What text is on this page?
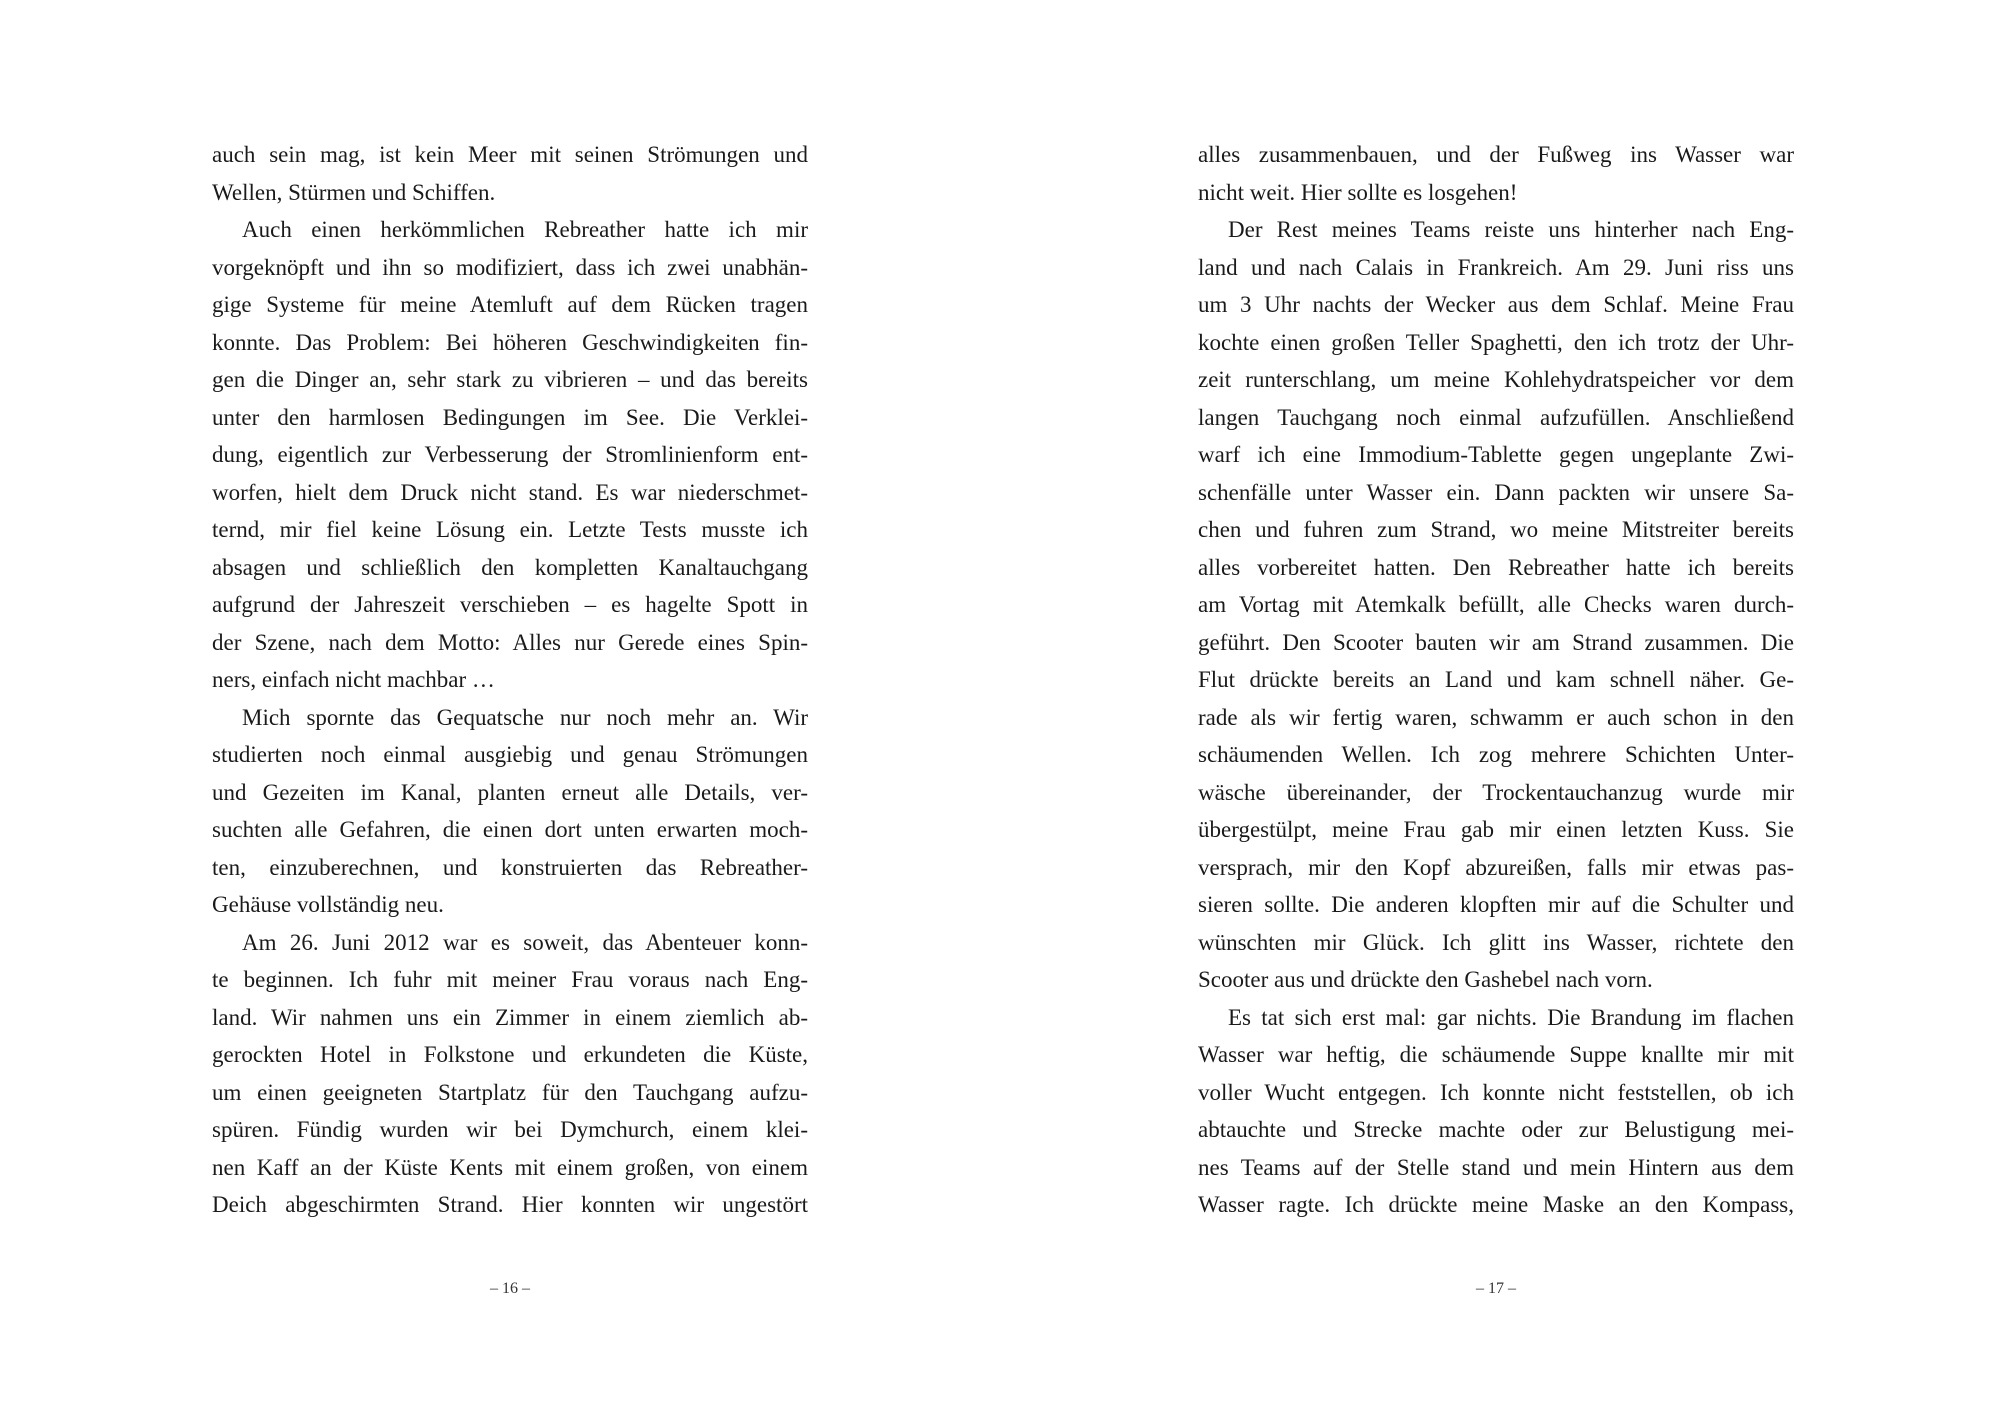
auch sein mag, ist kein Meer mit seinen Strömungen und
Wellen, Stürmen und Schiffen.
Auch einen herkömmlichen Rebreather hatte ich mir
vorgeknöpft und ihn so modifiziert, dass ich zwei unabhän-
gige Systeme für meine Atemluft auf dem Rücken tragen
konnte. Das Problem: Bei höheren Geschwindigkeiten fin-
gen die Dinger an, sehr stark zu vibrieren – und das bereits
unter den harmlosen Bedingungen im See. Die Verklei-
dung, eigentlich zur Verbesserung der Stromlinienform ent-
worfen, hielt dem Druck nicht stand. Es war niederschmet-
ternd, mir fiel keine Lösung ein. Letzte Tests musste ich
absagen und schließlich den kompletten Kanaltauchgang
aufgrund der Jahreszeit verschieben – es hagelte Spott in
der Szene, nach dem Motto: Alles nur Gerede eines Spin-
ners, einfach nicht machbar …
Mich spornte das Gequatsche nur noch mehr an. Wir
studierten noch einmal ausgiebig und genau Strömungen
und Gezeiten im Kanal, planten erneut alle Details, ver-
suchten alle Gefahren, die einen dort unten erwarten moch-
ten, einzuberechnen, und konstruierten das Rebreather-
Gehäuse vollständig neu.
Am 26. Juni 2012 war es soweit, das Abenteuer konn-
te beginnen. Ich fuhr mit meiner Frau voraus nach Eng-
land. Wir nahmen uns ein Zimmer in einem ziemlich ab-
gerockten Hotel in Folkstone und erkundeten die Küste,
um einen geeigneten Startplatz für den Tauchgang aufzu-
spüren. Fündig wurden wir bei Dymchurch, einem klei-
nen Kaff an der Küste Kents mit einem großen, von einem
Deich abgeschirmten Strand. Hier konnten wir ungestört
– 16 –
alles zusammenbauen, und der Fußweg ins Wasser war
nicht weit. Hier sollte es losgehen!
Der Rest meines Teams reiste uns hinterher nach Eng-
land und nach Calais in Frankreich. Am 29. Juni riss uns
um 3 Uhr nachts der Wecker aus dem Schlaf. Meine Frau
kochte einen großen Teller Spaghetti, den ich trotz der Uhr-
zeit runterschlang, um meine Kohlehydratspeicher vor dem
langen Tauchgang noch einmal aufzufüllen. Anschließend
warf ich eine Immodium-Tablette gegen ungeplante Zwi-
schenfälle unter Wasser ein. Dann packten wir unsere Sa-
chen und fuhren zum Strand, wo meine Mitstreiter bereits
alles vorbereitet hatten. Den Rebreather hatte ich bereits
am Vortag mit Atemkalk befüllt, alle Checks waren durch-
geführt. Den Scooter bauten wir am Strand zusammen. Die
Flut drückte bereits an Land und kam schnell näher. Ge-
rade als wir fertig waren, schwamm er auch schon in den
schäumenden Wellen. Ich zog mehrere Schichten Unter-
wäsche übereinander, der Trockentauchanzug wurde mir
übergestülpt, meine Frau gab mir einen letzten Kuss. Sie
versprach, mir den Kopf abzureißen, falls mir etwas pas-
sieren sollte. Die anderen klopften mir auf die Schulter und
wünschten mir Glück. Ich glitt ins Wasser, richtete den
Scooter aus und drückte den Gashebel nach vorn.
Es tat sich erst mal: gar nichts. Die Brandung im flachen
Wasser war heftig, die schäumende Suppe knallte mir mit
voller Wucht entgegen. Ich konnte nicht feststellen, ob ich
abtauchte und Strecke machte oder zur Belustigung mei-
nes Teams auf der Stelle stand und mein Hintern aus dem
Wasser ragte. Ich drückte meine Maske an den Kompass,
– 17 –
